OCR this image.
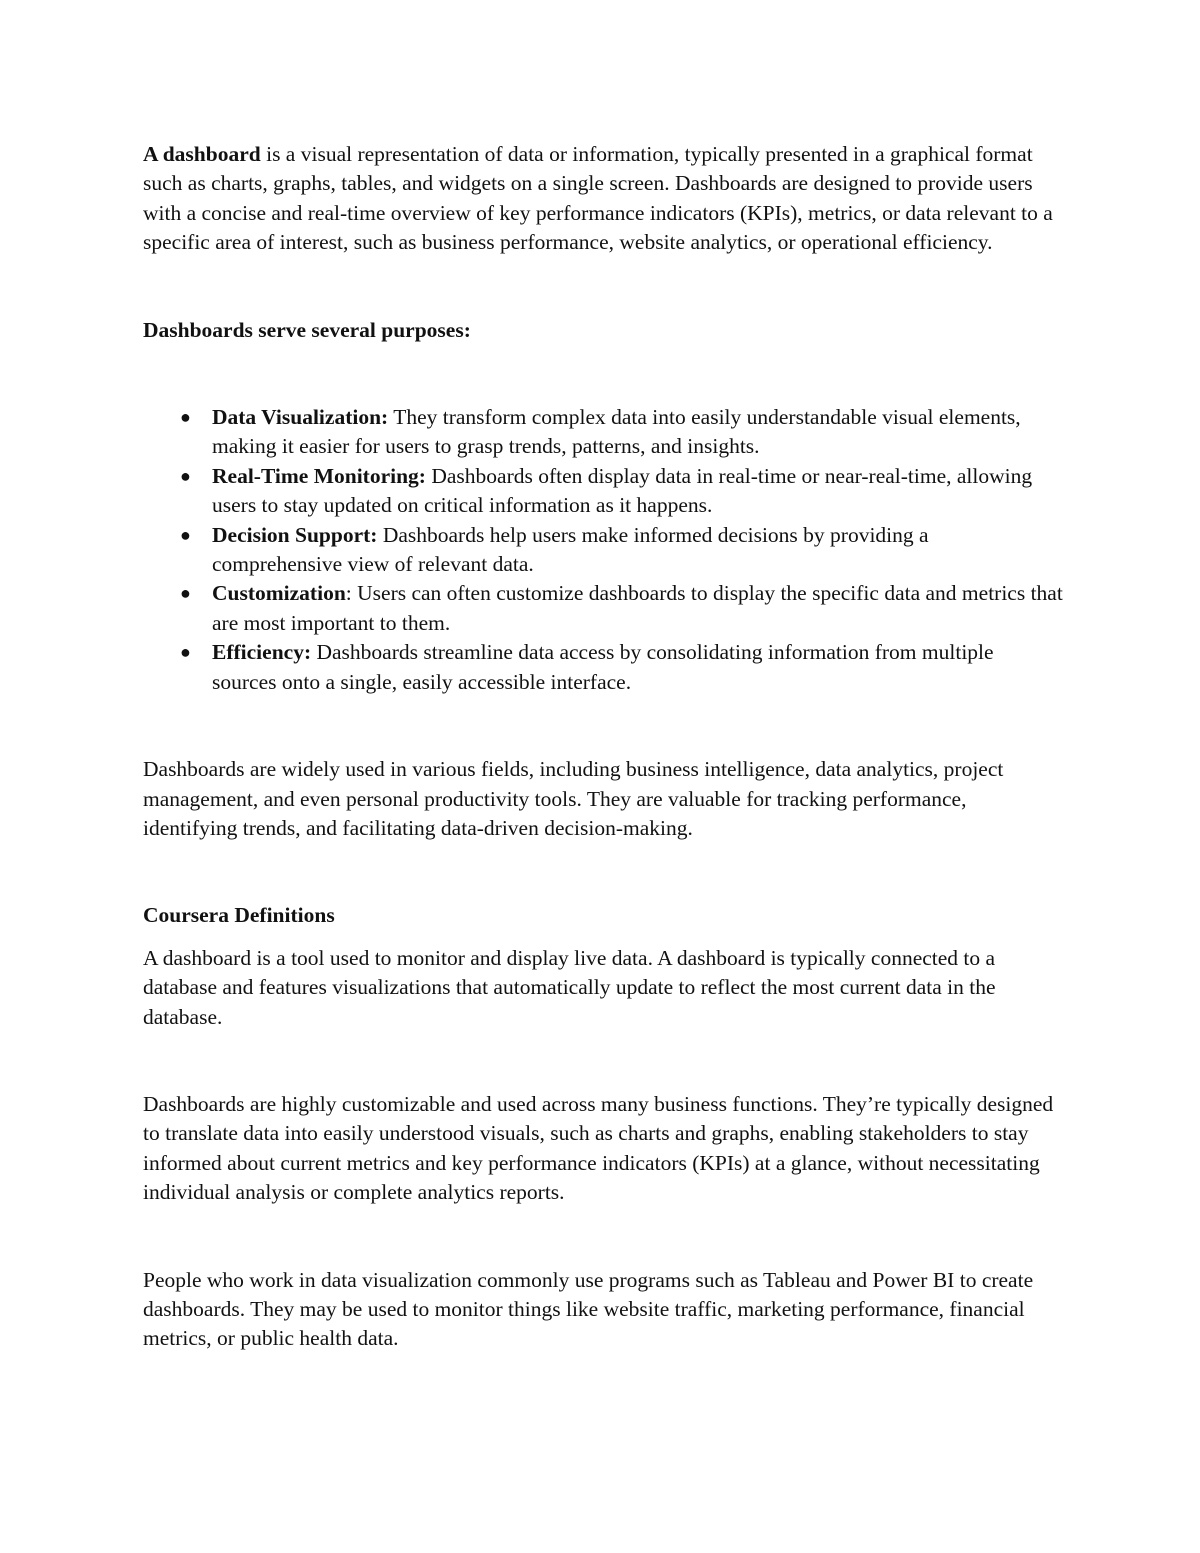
A dashboard is a visual representation of data or information, typically presented in a graphical format such as charts, graphs, tables, and widgets on a single screen. Dashboards are designed to provide users with a concise and real-time overview of key performance indicators (KPIs), metrics, or data relevant to a specific area of interest, such as business performance, website analytics, or operational efficiency.

Dashboards serve several purposes:

● Data Visualization: They transform complex data into easily understandable visual elements, making it easier for users to grasp trends, patterns, and insights.
● Real-Time Monitoring: Dashboards often display data in real-time or near-real-time, allowing users to stay updated on critical information as it happens.
● Decision Support: Dashboards help users make informed decisions by providing a comprehensive view of relevant data.
● Customization: Users can often customize dashboards to display the specific data and metrics that are most important to them.
● Efficiency: Dashboards streamline data access by consolidating information from multiple sources onto a single, easily accessible interface.

Dashboards are widely used in various fields, including business intelligence, data analytics, project management, and even personal productivity tools. They are valuable for tracking performance, identifying trends, and facilitating data-driven decision-making.

Coursera Definitions

A dashboard is a tool used to monitor and display live data. A dashboard is typically connected to a database and features visualizations that automatically update to reflect the most current data in the database.

Dashboards are highly customizable and used across many business functions. They’re typically designed to translate data into easily understood visuals, such as charts and graphs, enabling stakeholders to stay informed about current metrics and key performance indicators (KPIs) at a glance, without necessitating individual analysis or complete analytics reports.

People who work in data visualization commonly use programs such as Tableau and Power BI to create dashboards. They may be used to monitor things like website traffic, marketing performance, financial metrics, or public health data.
